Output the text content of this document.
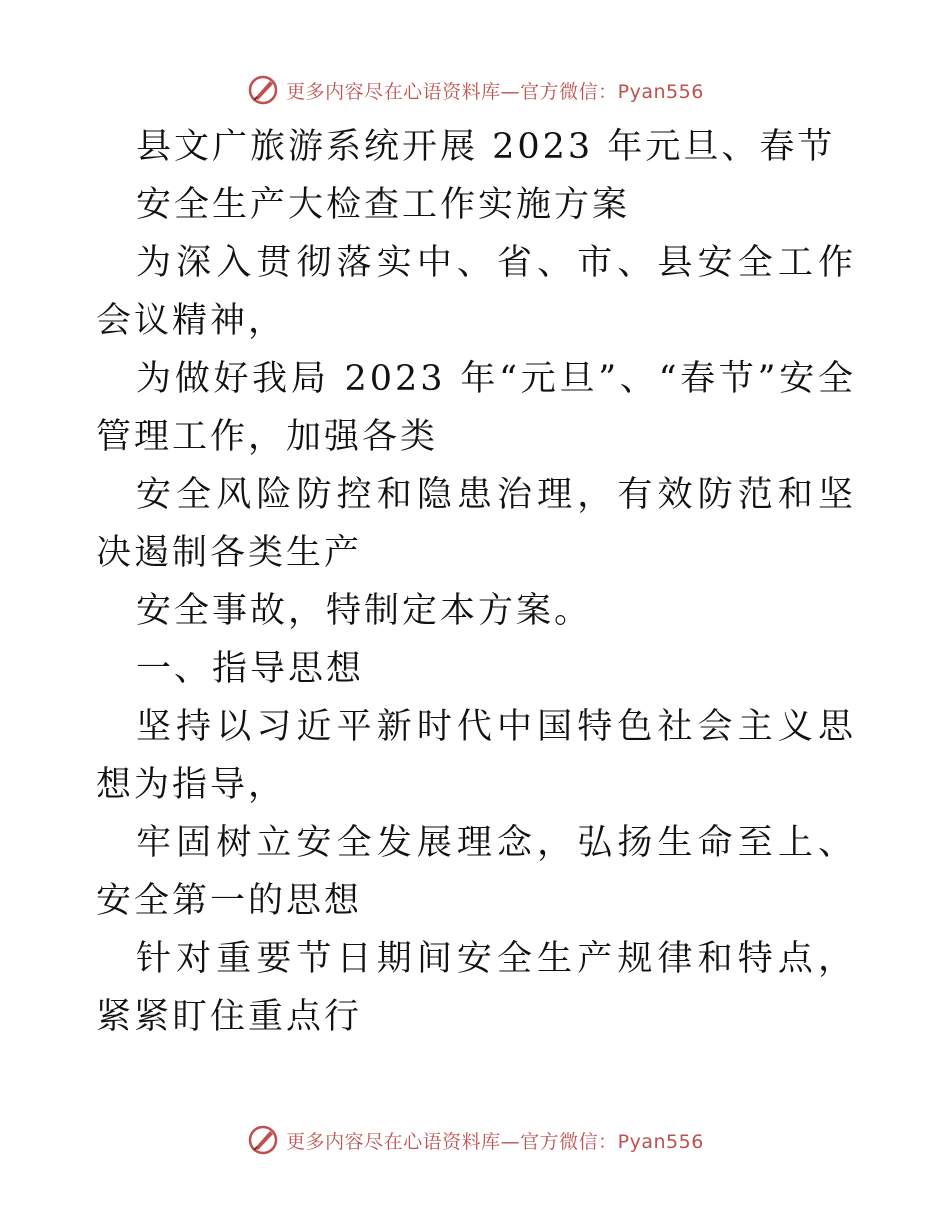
更多内容尽在心语资料库—官方微信：Pyan556

县文广旅游系统开展 2023 年元旦、春节

安全生产大检查工作实施方案

为深入贯彻落实中、省、市、县安全工作会议精神，

为做好我局 2023 年“元旦”、“春节”安全管理工作，加强各类

安全风险防控和隐患治理，有效防范和坚决遏制各类生产

安全事故，特制定本方案。

一、指导思想

坚持以习近平新时代中国特色社会主义思想为指导，

牢固树立安全发展理念，弘扬生命至上、安全第一的思想

针对重要节日期间安全生产规律和特点，紧紧盯住重点行

更多内容尽在心语资料库—官方微信：Pyan556
